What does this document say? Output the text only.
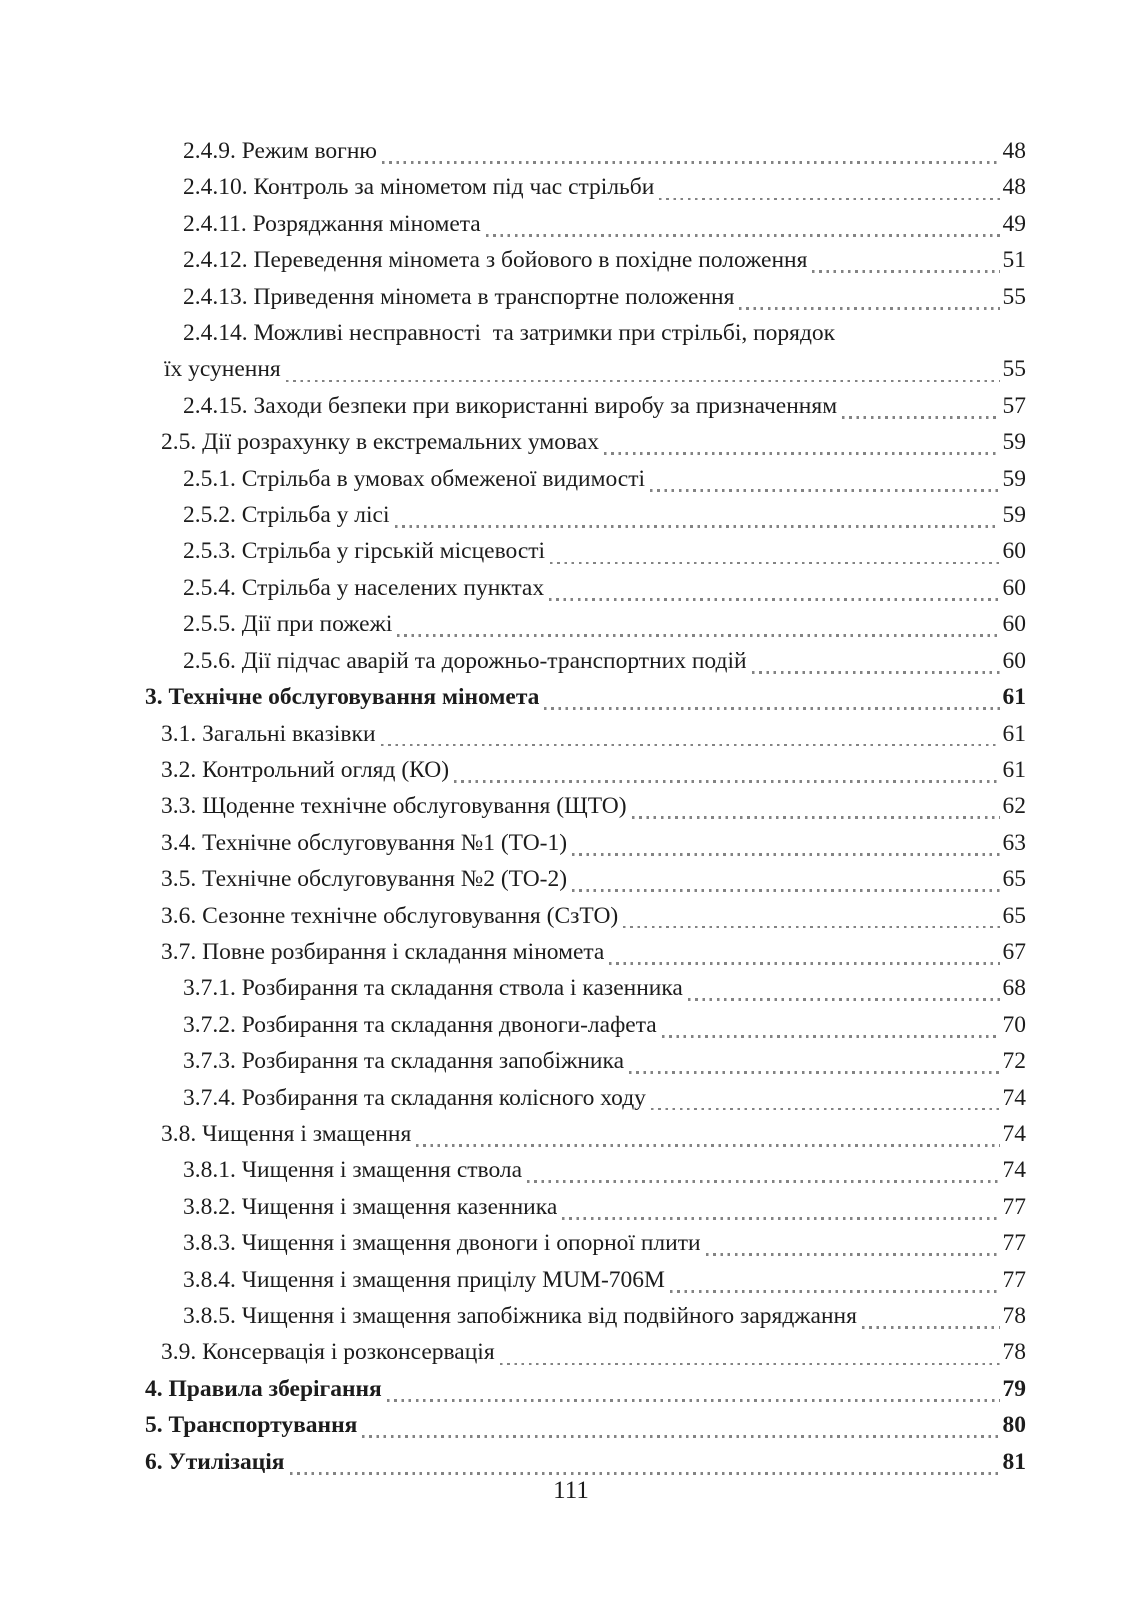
2.4.9. Режим вогню	48
2.4.10. Контроль за мінометом під час стрільби	48
2.4.11. Розряджання міномета	49
2.4.12. Переведення міномета з бойового в похідне положення	51
2.4.13. Приведення міномета в транспортне положення	55
2.4.14. Можливі несправності  та затримки при стрільбі, порядок
їх усунення	55
2.4.15. Заходи безпеки при використанні виробу за призначенням	57
2.5. Дії розрахунку в екстремальних умовах	59
2.5.1. Стрільба в умовах обмеженої видимості	59
2.5.2. Стрільба у лісі	59
2.5.3. Стрільба у гірській місцевості	60
2.5.4. Стрільба у населених пунктах	60
2.5.5. Дії при пожежі	60
2.5.6. Дії підчас аварій та дорожньо-транспортних подій	60
3. Технічне обслуговування міномета	61
3.1. Загальні вказівки	61
3.2. Контрольний огляд (КО)	61
3.3. Щоденне технічне обслуговування (ЩТО)	62
3.4. Технічне обслуговування №1 (ТО-1)	63
3.5. Технічне обслуговування №2 (ТО-2)	65
3.6. Сезонне технічне обслуговування (СзТО)	65
3.7. Повне розбирання і складання міномета	67
3.7.1. Розбирання та складання ствола і казенника	68
3.7.2. Розбирання та складання двоноги-лафета	70
3.7.3. Розбирання та складання запобіжника	72
3.7.4. Розбирання та складання колісного ходу	74
3.8. Чищення і змащення	74
3.8.1. Чищення і змащення ствола	74
3.8.2. Чищення і змащення казенника	77
3.8.3. Чищення і змащення двоноги і опорної плити	77
3.8.4. Чищення і змащення прицілу MUM-706M	77
3.8.5. Чищення і змащення запобіжника від подвійного заряджання	78
3.9. Консервація і розконсервація	78
4. Правила зберігання	79
5. Транспортування	80
6. Утилізація	81
111
